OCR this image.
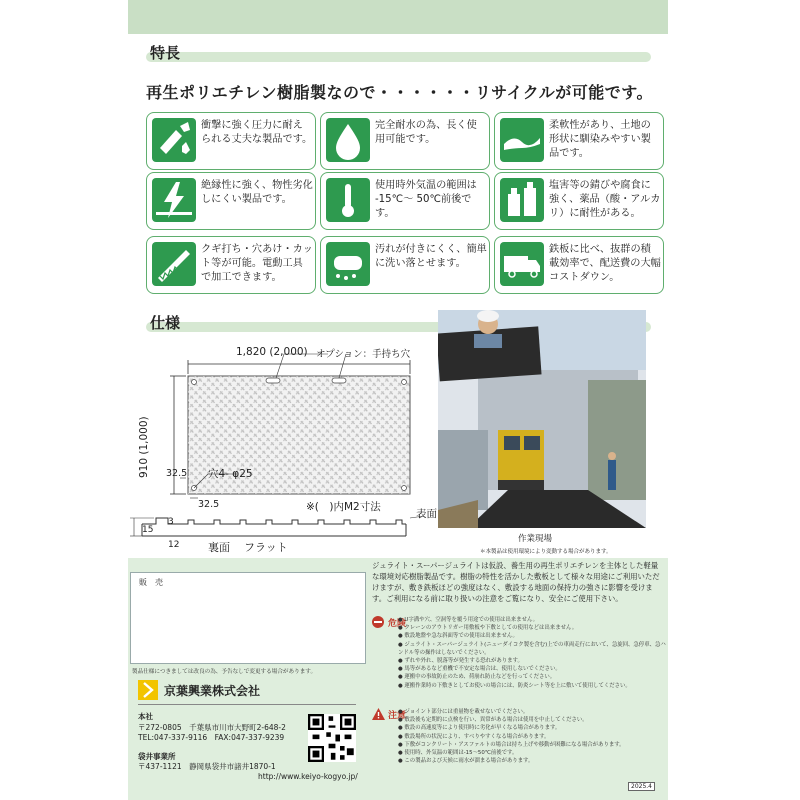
特長
再生ポリエチレン樹脂製なので・・・・・・リサイクルが可能です。
衝撃に強く圧力に耐えられる丈夫な製品です。
完全耐水の為、長く使用可能です。
柔軟性があり、土地の形状に馴染みやすい製品です。
絶縁性に強く、物性劣化しにくい製品です。
使用時外気温の範囲は -15℃～ 50℃前後です。
塩害等の錆びや腐食に強く、薬品（酸・アルカリ）に耐性がある。
クギ打ち・穴あけ・カット等が可能。電動工具で加工できます。
汚れが付きにくく、簡単に洗い落とせます。
鉄板に比べ、抜群の積載効率で、配送費の大幅コストダウン。
仕様
1,820 (2,000) オプション：手持ち穴
910 (1,000)	穴4- φ25
32.5
32.5	※(　)内M2寸法
表面
15
3
12	裏面 フラット
作業現場
＊本製品は使用環境により変動する場合があります。
販　売
製品仕様につきましては改良の為、予告なしで変更する場合があります。
京葉興業株式会社
本社
〒272-0805　千葉県市川市大野町2-648-2
TEL:047-337-9116　FAX:047-337-9239
袋井事業所
〒437-1121　静岡県袋井市諸井1870-1
http://www.keiyo-kogyo.jp/
ジュライト・スーパージュライトは仮設、養生用の再生ポリエチレンを主体とした軽量な環境対応樹脂製品です。樹脂の特性を活かした敷板として様々な用途にご利用いただけますが、敷き鉄板ほどの強度はなく、敷設する地面の保持力の強さに影響を受けます。ご利用になる前に取り扱いの注意をご覧になり、安全にご使用下さい。
危険
● U字溝や穴、空洞等を覆う用途での使用は出来ません。
● クレーンのアウトリガー用敷板や下敷としての使用などは出来ません。
● 敷設地盤や急な斜面等での使用は出来ません。
● ジュライト・スーパージュライト(ニューダイコク製を含む)上での車両走行において、急旋回、急停車、急ハンドル等の操作はしないでください。
● ずれや外れ、脱落等が発生する恐れがあります。
● 馬等があるなど重機で不安定な場合は、使用しないでください。
● 運搬中の事故防止のため、荷崩れ防止などを行ってください。
● 運搬作業時の下敷きとしてお使いの場合には、防炎シート等を上に敷いて使用してください。
注意
● ジョイント部分には重量物を載せないでください。
● 敷設後も定期的に点検を行い、異常がある場合は使用を中止してください。
● 敷設の高速度等により使用時に劣化が早くなる場合があります。
● 敷設場所の状況により、すべりやすくなる場合があります。
● 下敷がコンクリート・アスファルトの場合は持ち上げや移動が困難になる場合があります。
● 使用時、外気温の範囲は-15～50℃前後です。
● この製品および天候に雨水が溜まる場合があります。
2025.4
